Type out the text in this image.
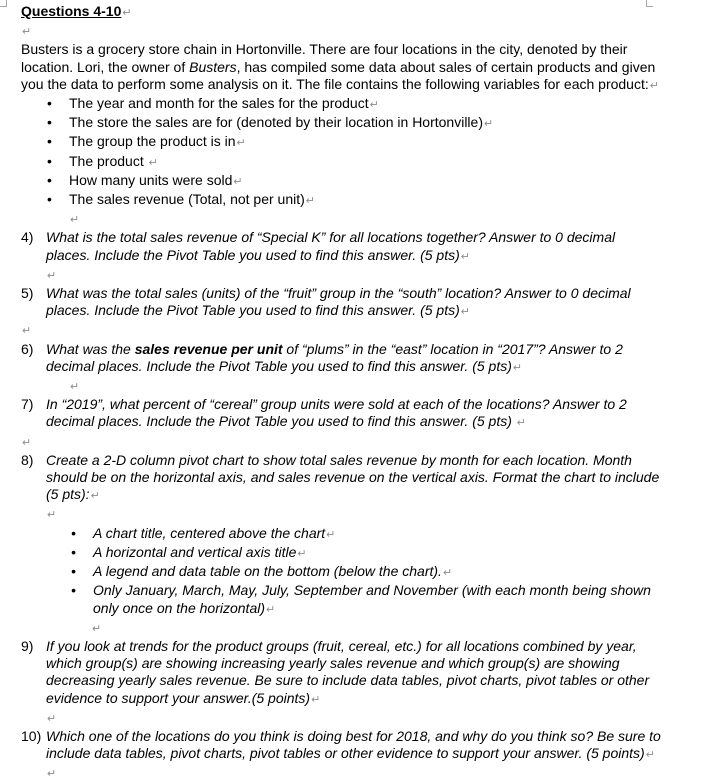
Questions 4-10↵

↵

Busters is a grocery store chain in Hortonville. There are four locations in the city, denoted by their location. Lori, the owner of Busters, has compiled some data about sales of certain products and given you the data to perform some analysis on it. The file contains the following variables for each product:↵

• The year and month for the sales for the product↵
• The store the sales are for (denoted by their location in Hortonville)↵
• The group the product is in↵
• The product ↵
• How many units were sold↵
• The sales revenue (Total, not per unit)↵

↵

4) What is the total sales revenue of “Special K” for all locations together? Answer to 0 decimal places. Include the Pivot Table you used to find this answer. (5 pts)↵

↵

5) What was the total sales (units) of the “fruit” group in the “south” location? Answer to 0 decimal places. Include the Pivot Table you used to find this answer. (5 pts)↵

↵

6) What was the sales revenue per unit of “plums” in the “east” location in “2017”? Answer to 2 decimal places. Include the Pivot Table you used to find this answer. (5 pts)↵

↵

7) In “2019”, what percent of “cereal” group units were sold at each of the locations? Answer to 2 decimal places. Include the Pivot Table you used to find this answer. (5 pts) ↵

↵

8) Create a 2-D column pivot chart to show total sales revenue by month for each location. Month should be on the horizontal axis, and sales revenue on the vertical axis. Format the chart to include (5 pts):↵

↵

• A chart title, centered above the chart↵
• A horizontal and vertical axis title↵
• A legend and data table on the bottom (below the chart).↵
• Only January, March, May, July, September and November (with each month being shown only once on the horizontal)↵

↵

9) If you look at trends for the product groups (fruit, cereal, etc.) for all locations combined by year, which group(s) are showing increasing yearly sales revenue and which group(s) are showing decreasing yearly sales revenue. Be sure to include data tables, pivot charts, pivot tables or other evidence to support your answer.(5 points)↵

↵

10) Which one of the locations do you think is doing best for 2018, and why do you think so? Be sure to include data tables, pivot charts, pivot tables or other evidence to support your answer. (5 points)↵

↵
